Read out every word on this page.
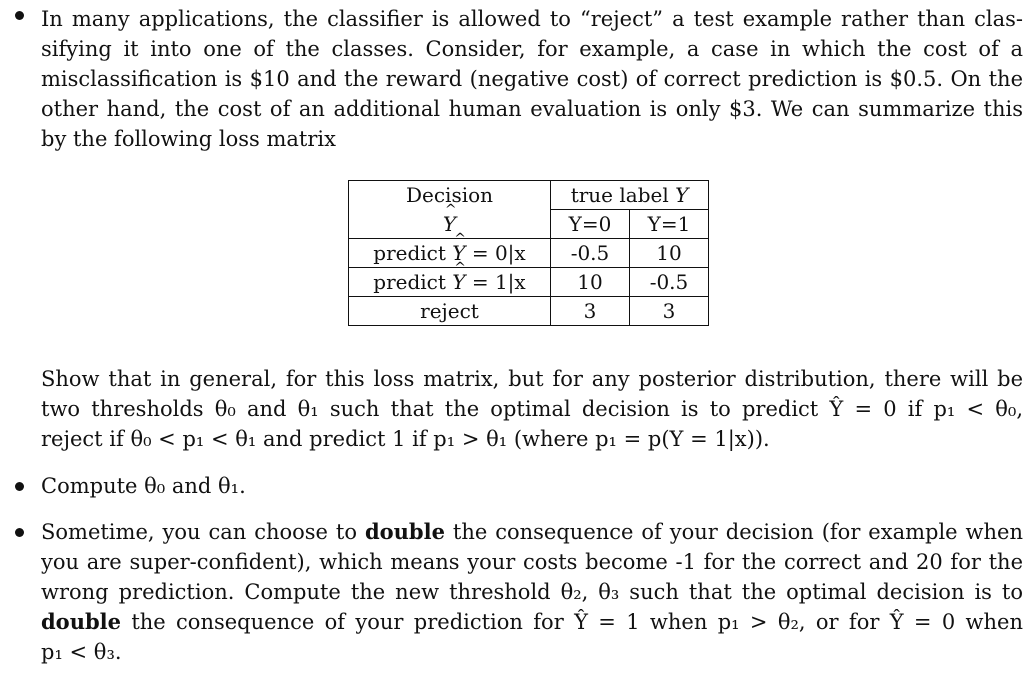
In many applications, the classifier is allowed to “reject” a test example rather than clas-
sifying it into one of the classes. Consider, for example, a case in which the cost of a
misclassification is $10 and the reward (negative cost) of correct prediction is $0.5. On the
other hand, the cost of an additional human evaluation is only $3. We can summarize this
by the following loss matrix
Decision	true label Y	
^ Y	Y=0	Y=1
predict ^ Y = 0|x	-0.5	10
predict ^ Y = 1|x	10	-0.5
reject	3	3
Show that in general, for this loss matrix, but for any posterior distribution, there will be
two thresholds θ₀ and θ₁ such that the optimal decision is to predict Ŷ = 0 if p₁ < θ₀,
reject if θ₀ < p₁ < θ₁ and predict 1 if p₁ > θ₁ (where p₁ = p(Y = 1|x)).
Compute θ₀ and θ₁.
Sometime, you can choose to double the consequence of your decision (for example when
you are super-confident), which means your costs become -1 for the correct and 20 for the
wrong prediction. Compute the new threshold θ₂, θ₃ such that the optimal decision is to
double the consequence of your prediction for Ŷ = 1 when p₁ > θ₂, or for Ŷ = 0 when
p₁ < θ₃.
